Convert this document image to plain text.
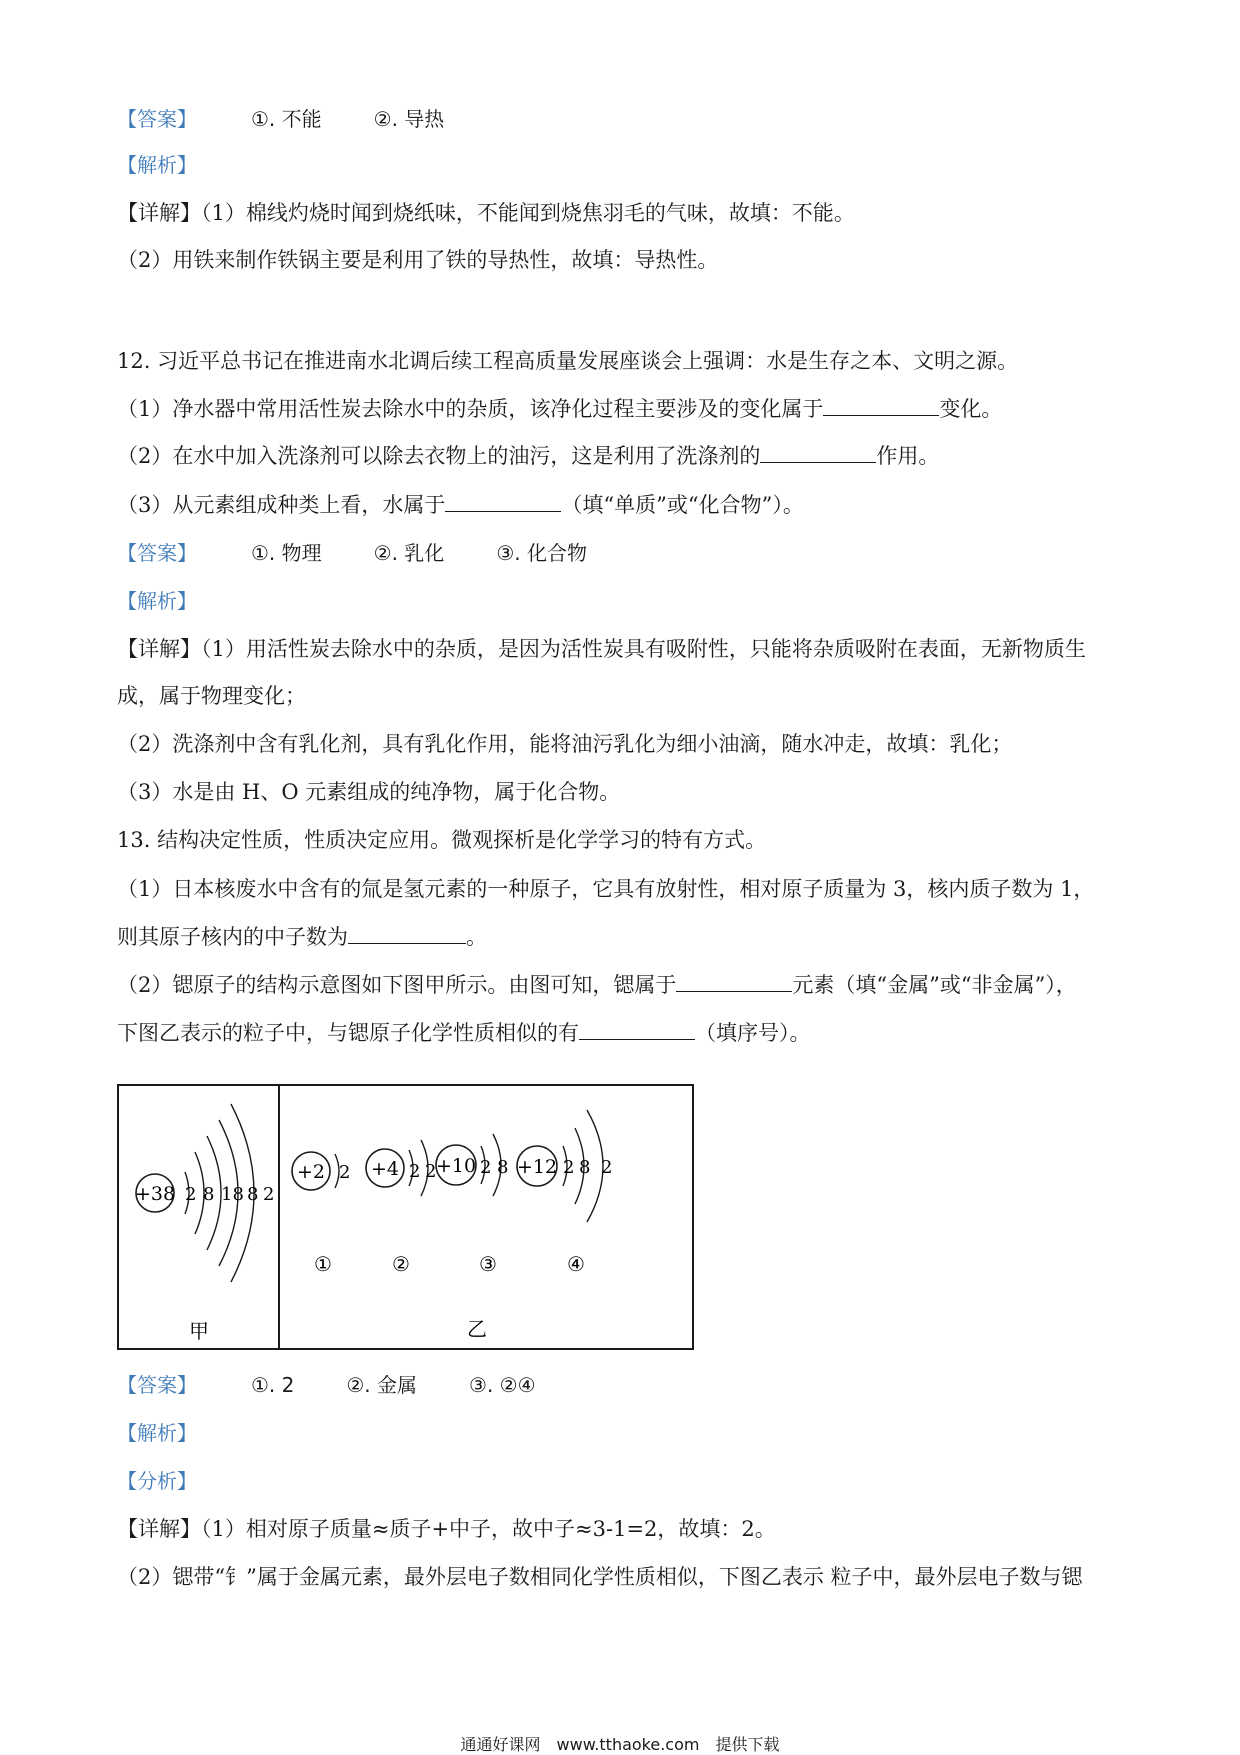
【答案】	①. 不能	②. 导热
【解析】
【详解】（1）棉线灼烧时闻到烧纸味，不能闻到烧焦羽毛的气味，故填：不能。
（2）用铁来制作铁锅主要是利用了铁的导热性，故填：导热性。
12. 习近平总书记在推进南水北调后续工程高质量发展座谈会上强调：水是生存之本、文明之源。
（1）净水器中常用活性炭去除水中的杂质，该净化过程主要涉及的变化属于	变化。
（2）在水中加入洗涤剂可以除去衣物上的油污，这是利用了洗涤剂的	作用。
（3）从元素组成种类上看，水属于	（填“单质”或“化合物”）。
【答案】	①. 物理	②. 乳化	③. 化合物
【解析】
【详解】（1）用活性炭去除水中的杂质，是因为活性炭具有吸附性，只能将杂质吸附在表面，无新物质生
成，属于物理变化；
（2）洗涤剂中含有乳化剂，具有乳化作用，能将油污乳化为细小油滴，随水冲走，故填：乳化；
（3）水是由 H、O 元素组成的纯净物，属于化合物。
13. 结构决定性质，性质决定应用。微观探析是化学学习的特有方式。
（1）日本核废水中含有的氚是氢元素的一种原子，它具有放射性，相对原子质量为 3，核内质子数为 1，
则其原子核内的中子数为	。
（2）锶原子的结构示意图如下图甲所示。由图可知，锶属于	元素（填“金属”或“非金属”），
下图乙表示的粒子中，与锶原子化学性质相似的有	（填序号）。
+38 2 8 18 8 2
甲
+2 2
①
+4 2 2
②
+10 2 8
③
+12 2 8 2
④
乙
【答案】	①. 2	②. 金属	③. ②④
【解析】
【分析】
【详解】（1）相对原子质量≈质子+中子，故中子≈3-1=2，故填：2。
（2）锶带“钅”属于金属元素，最外层电子数相同化学性质相似，下图乙表示 粒子中，最外层电子数与锶
通通好课网 www.tthaoke.com 提供下载
